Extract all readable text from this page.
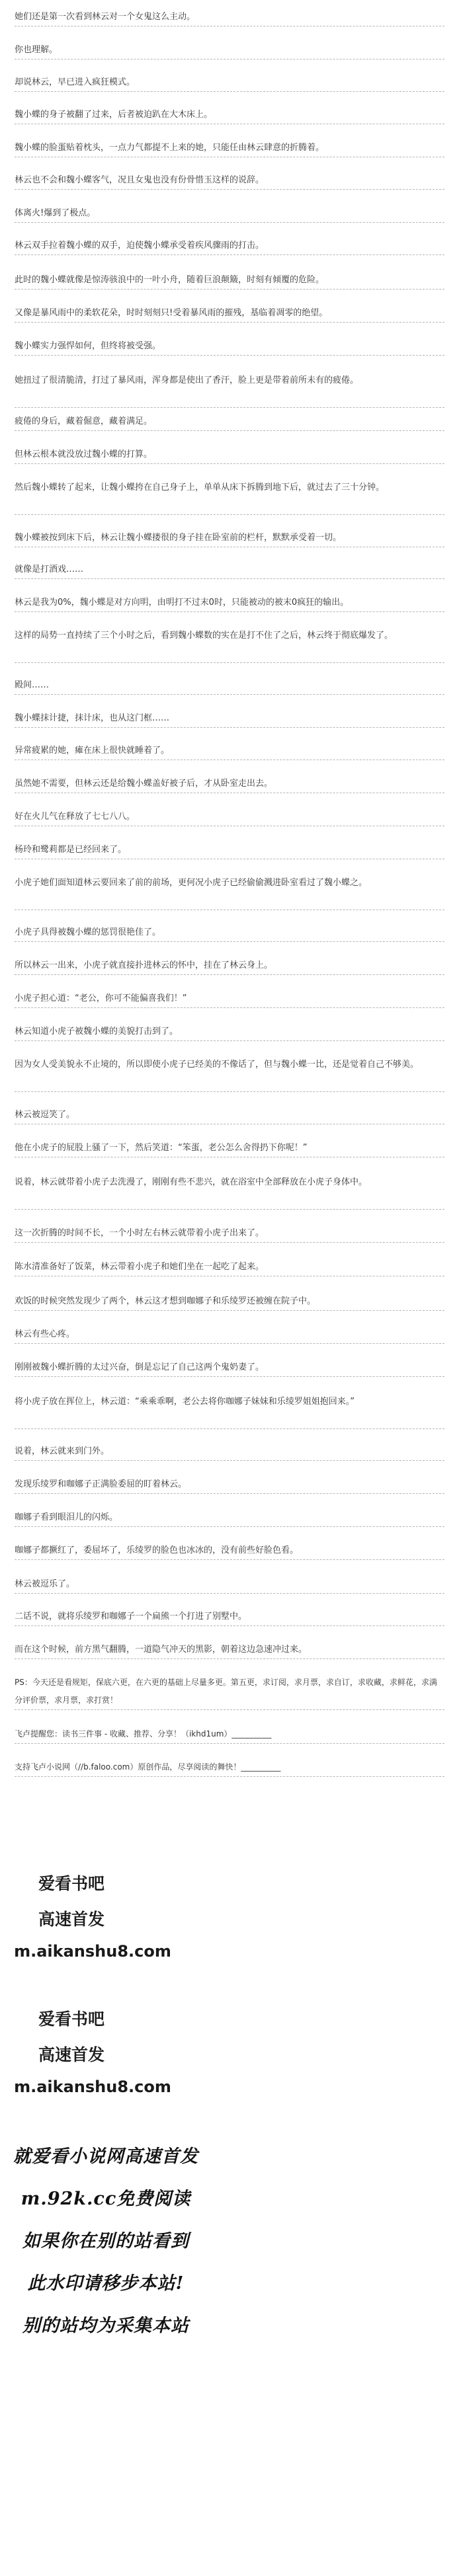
她们还是第一次看到林云对一个女鬼这么主动。
你也理解。
却说林云，早已进入疯狂模式。
魏小蝶的身子被翻了过来，后者被迫趴在大木床上。
魏小蝶的脸蛋贴着枕头，一点力气都提不上来的她，只能任由林云肆意的折腾着。
林云也不会和魏小蝶客气，况且女鬼也没有份骨惜玉这样的说辞。
体离火!爆到了极点。
林云双手拉着魏小蝶的双手，迫使魏小蝶承受着疾风骤雨的打击。
此时的魏小蝶就像是惊涛骇浪中的一叶小舟，随着巨浪颠簸，时刻有倾覆的危险。
又像是暴风雨中的柔软花朵，时时刻刻只!受着暴风雨的摧残，基临着凋零的绝望。
魏小蝶实力强悍如何，但终将被受强。
她扭过了很清脆清，打过了暴风雨，浑身都是使出了香汗，脸上更是带着前所未有的疲倦。
疲倦的身后，藏着倔意，藏着满足。
但林云根本就没放过魏小蝶的打算。
然后魏小蝶转了起来，让魏小蝶挎在自己身子上，单单从床下拆腾到地下后，就过去了三十分钟。
魏小蝶被按到床下后，林云让魏小蝶搂很的身子挂在卧室前的栏杆，默默承受着一切。
就像是打酒戏……
林云是我为0%，魏小蝶是对方向明，由明打不过末0时，只能被动的被末0疯狂的输出。
这样的局势一直持续了三个小时之后，看到魏小蝶数的实在是打不住了之后，林云终于彻底爆发了。
殿间……
魏小蝶抹计捷，抹计床，也从这门框……
异常疲累的她，瘫在床上很快就睡着了。
虽然她不需要，但林云还是给魏小蝶盖好被子后，才从卧室走出去。
好在火儿气在释放了七七八八。
杨玲和鹭莉都是已经回来了。
小虎子她们面知道林云要回来了前的前场，更何况小虎子已经偷偷溅进卧室看过了魏小蝶之。
小虎子具得被魏小蝶的惩罚很艳佳了。
所以林云一出来，小虎子就直接扑进林云的怀中，挂在了林云身上。
小虎子担心道：“老公，你可不能偏喜我们！”
林云知道小虎子被魏小蝶的美貌打击到了。
因为女人受美貌永不止境的，所以即使小虎子已经美的不像话了，但与魏小蝶一比，还是觉着自己不够美。
林云被逗笑了。
他在小虎子的屁股上骚了一下，然后笑道：“笨蛋，老公怎么舍得扔下你呢！”
说着，林云就带着小虎子去洗漫了，刚刚有些不悲兴，就在浴室中全部释放在小虎子身体中。
这一次折腾的时间不长，一个小时左右林云就带着小虎子出来了。
陈水清准备好了饭菜，林云带着小虎子和她们坐在一起吃了起来。
欢饭的时候突然发现少了两个，林云这才想到咖娜子和乐绫罗还被缠在院子中。
林云有些心疼。
刚刚被魏小蝶折腾的太过兴奋，倒是忘记了自己这两个鬼奶妻了。
将小虎子放在挥位上，林云道：“乘乘乖啊，老公去将你咖娜子妹妹和乐绫罗姐姐抱回来。”
说着，林云就来到门外。
发现乐绫罗和咖娜子正满脸委屈的盯着林云。
咖娜子看到眼泪儿的闪烁。
咖娜子都撅红了，委屈坏了，乐绫罗的脸色也冰冰的，没有前些好脸色看。
林云被逗乐了。
二话不说，就将乐绫罗和咖娜子一个扁熊一个打进了别墅中。
而在这个时候，前方黑气翻腾，一道隐气冲天的黑影，朝着这边急速冲过来。
PS：今天还是看规矩，保底六更，在六更的基础上尽量多更。第五更，求订阅，求月票，求自订，求收藏，求鲜花，求满分评价票，求月票，求打赏！
飞卢提醒您：读书三件事 - 收藏、推荐、分享！（ikhd1um）__________
支持飞卢小说网（//b.faloo.com）原创作品，尽享阅读的舞快！__________
爱看书吧
高速首发
m.aikanshu8.com
爱看书吧
高速首发
m.aikanshu8.com
就爱看小说网高速首发
m.92k.cc免费阅读
如果你在别的站看到
此水印请移步本站!
别的站均为采集本站
